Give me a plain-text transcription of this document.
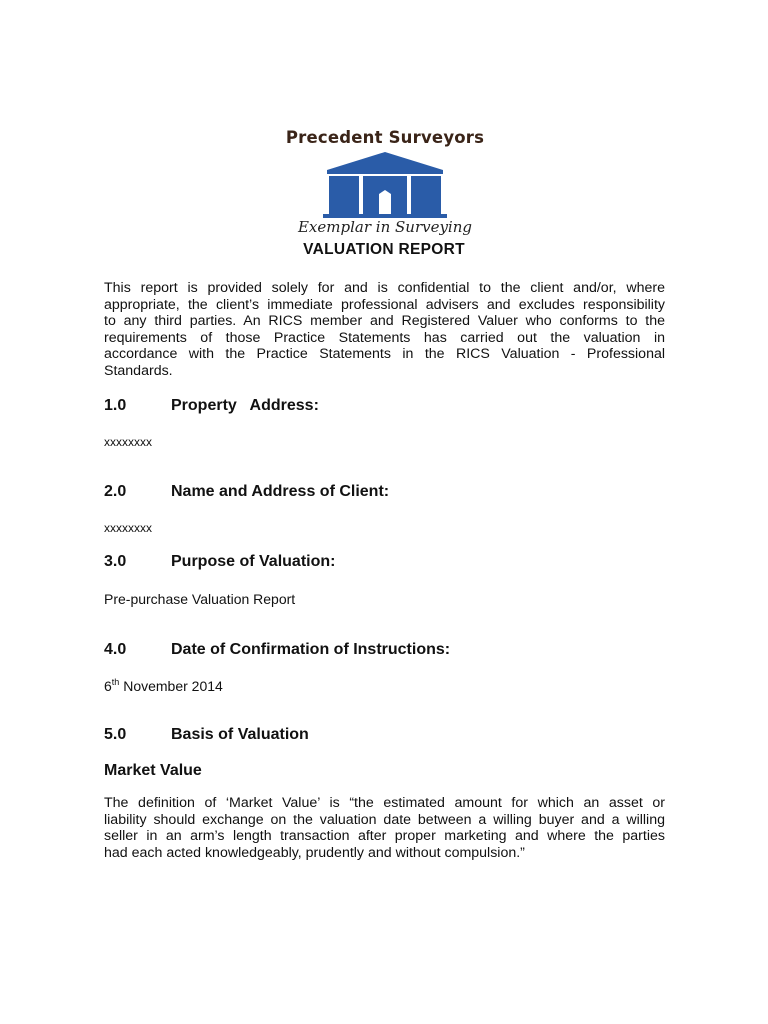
Precedent Surveyors
Exemplar in Surveying
VALUATION REPORT
This report is provided solely for and is confidential to the client and/or, where
appropriate, the client’s immediate professional advisers and excludes responsibility
to any third parties. An RICS member and Registered Valuer who conforms to the
requirements of those Practice Statements has carried out the valuation in
accordance with the Practice Statements in the RICS Valuation - Professional
Standards.
1.0	Property   Address:
xxxxxxxx
2.0	Name and Address of Client:
xxxxxxxx
3.0	Purpose of Valuation:
Pre-purchase Valuation Report
4.0	Date of Confirmation of Instructions:
6th November 2014
5.0	Basis of Valuation
Market Value
The definition of ‘Market Value’ is “the estimated amount for which an asset or
liability should exchange on the valuation date between a willing buyer and a willing
seller in an arm’s length transaction after proper marketing and where the parties
had each acted knowledgeably, prudently and without compulsion.”
